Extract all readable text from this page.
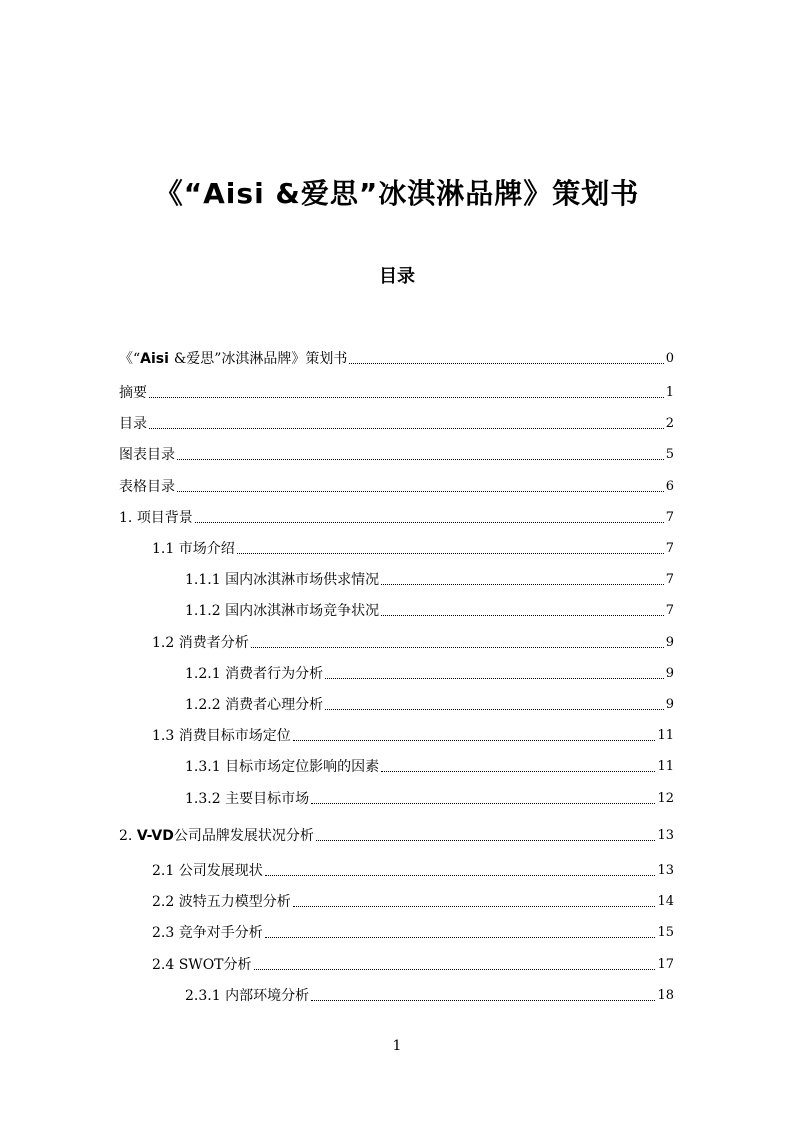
《“Aisi &爱思”冰淇淋品牌》策划书
目录
《“Aisi &爱思”冰淇淋品牌》策划书	0
摘要	1
目录	2
图表目录	5
表格目录	6
1. 项目背景	7
1.1 市场介绍	7
1.1.1 国内冰淇淋市场供求情况	7
1.1.2 国内冰淇淋市场竞争状况	7
1.2 消费者分析	9
1.2.1 消费者行为分析	9
1.2.2 消费者心理分析	9
1.3 消费目标市场定位	11
1.3.1 目标市场定位影响的因素	11
1.3.2 主要目标市场	12
2. V-VD公司品牌发展状况分析	13
2.1 公司发展现状	13
2.2 波特五力模型分析	14
2.3 竞争对手分析	15
2.4 SWOT分析	17
2.3.1 内部环境分析	18
1
